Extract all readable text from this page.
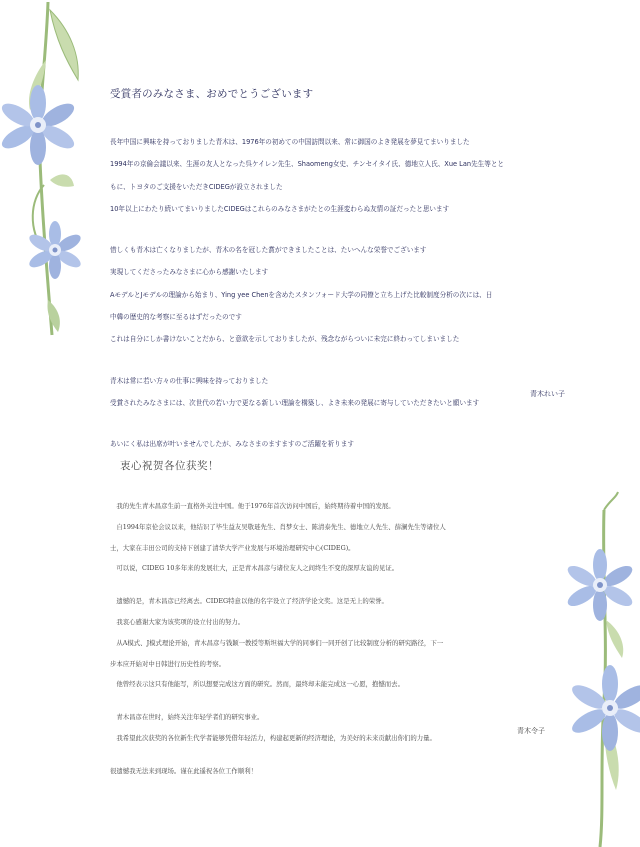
受賞者のみなさま、おめでとうございます

長年中国に興味を持っておりました青木は、1976年の初めての中国訪問以来、常に御国のよき発展を夢見てまいりました
1994年の京倫会議以来、生涯の友人となった呉ケイレン先生、Shaomeng女史、チンセイタイ氏、德地立人氏、Xue Lan先生等とと
もに、トヨタのご支援をいただきCIDEGが設立されました
10年以上にわたり続いてまいりましたCIDEGはこれらのみなさまがたとの生涯変わらぬ友情の証だったと思います

惜しくも青木は亡くなりましたが、青木の名を冠した賞ができましたことは、たいへんな栄誉でございます
実現してくださったみなさまに心から感謝いたします
AモデルとJモデルの理論から始まり、Ying yee Chenを含めたスタンフォード大学の同僚と立ち上げた比較制度分析の次には、日
中韓の歴史的な考察に至るはずだったのです
これは自分にしか書けないことだから、と意欲を示しておりましたが、残念ながらついに未完に終わってしまいました

青木は常に若い方々の仕事に興味を持っておりました
受賞されたみなさまには、次世代の若い力で更なる新しい理論を構築し、よき未来の発展に寄与していただきたいと願います

あいにく私は出席が叶いませんでしたが、みなさまのますますのご活躍を祈ります

青木れい子
衷心祝贺各位获奖！

　我的先生青木昌彦生前一直格外关注中国。他于1976年首次访问中国后，始终期待着中国的发展。
　自1994年京伦会议以来，他结识了毕生益友吴敬琏先生、肖梦女士、陈清泰先生、德地立人先生、薛澜先生等诸位人
士，大家在丰田公司的支持下创建了清华大学产业发展与环境治理研究中心(CIDEG)。
　可以说，CIDEG 10多年来的发展壮大，正是青木昌彦与诸位友人之间终生不变的深厚友谊的见证。

　遗憾的是，青木昌彦已经离去。CIDEG特意以他的名字设立了经济学论文奖。这是无上的荣誉。
　我衷心感谢大家为该奖项的设立付出的努力。
　从A模式、J模式理论开始，青木昌彦与钱颖一教授等斯坦福大学的同事们一同开创了比较制度分析的研究路径，下一
步本应开始对中日韩进行历史性的考察。
　他曾经表示这只有他能写，所以想要完成这方面的研究。然而，最终却未能完成这一心愿，抱憾而去。

　青木昌彦在世时，始终关注年轻学者们的研究事业。
　我希望此次获奖的各位新生代学者能够凭借年轻活力，构建起更新的经济理论，为美好的未来贡献出你们的力量。

很遗憾我无法来到现场。谨在此遥祝各位工作顺利！

青木令子
